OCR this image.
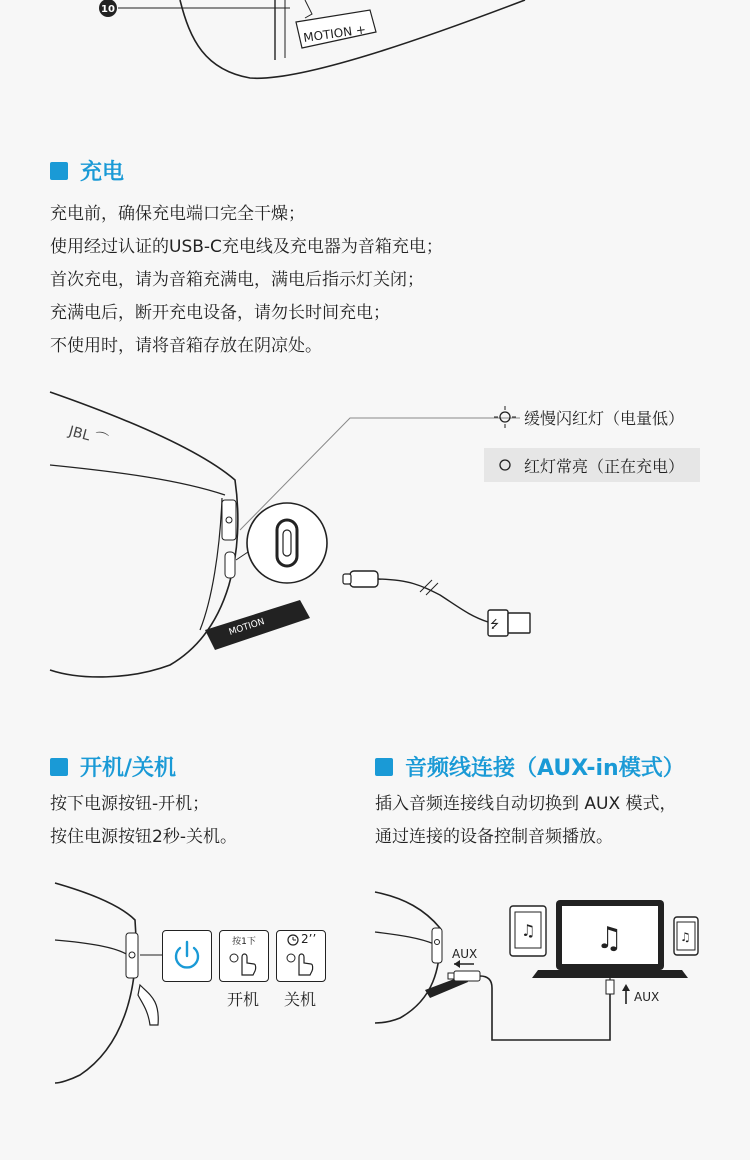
10
MOTION +
充电
充电前，确保充电端口完全干燥；
使用经过认证的USB-C充电线及充电器为音箱充电；
首次充电，请为音箱充满电，满电后指示灯关闭；
充满电后，断开充电设备，请勿长时间充电；
不使用时，请将音箱存放在阴凉处。
JBL ⌒
MOTION	⭍
缓慢闪红灯（电量低）
红灯常亮（正在充电）
开机/关机
按下电源按钮-开机；
按住电源按钮2秒-关机。
按1下	2’’
开机 关机
音频线连接（AUX-in模式）
插入音频连接线自动切换到 AUX 模式，
通过连接的设备控制音频播放。
AUX
AUX
♫ ♫	♫
